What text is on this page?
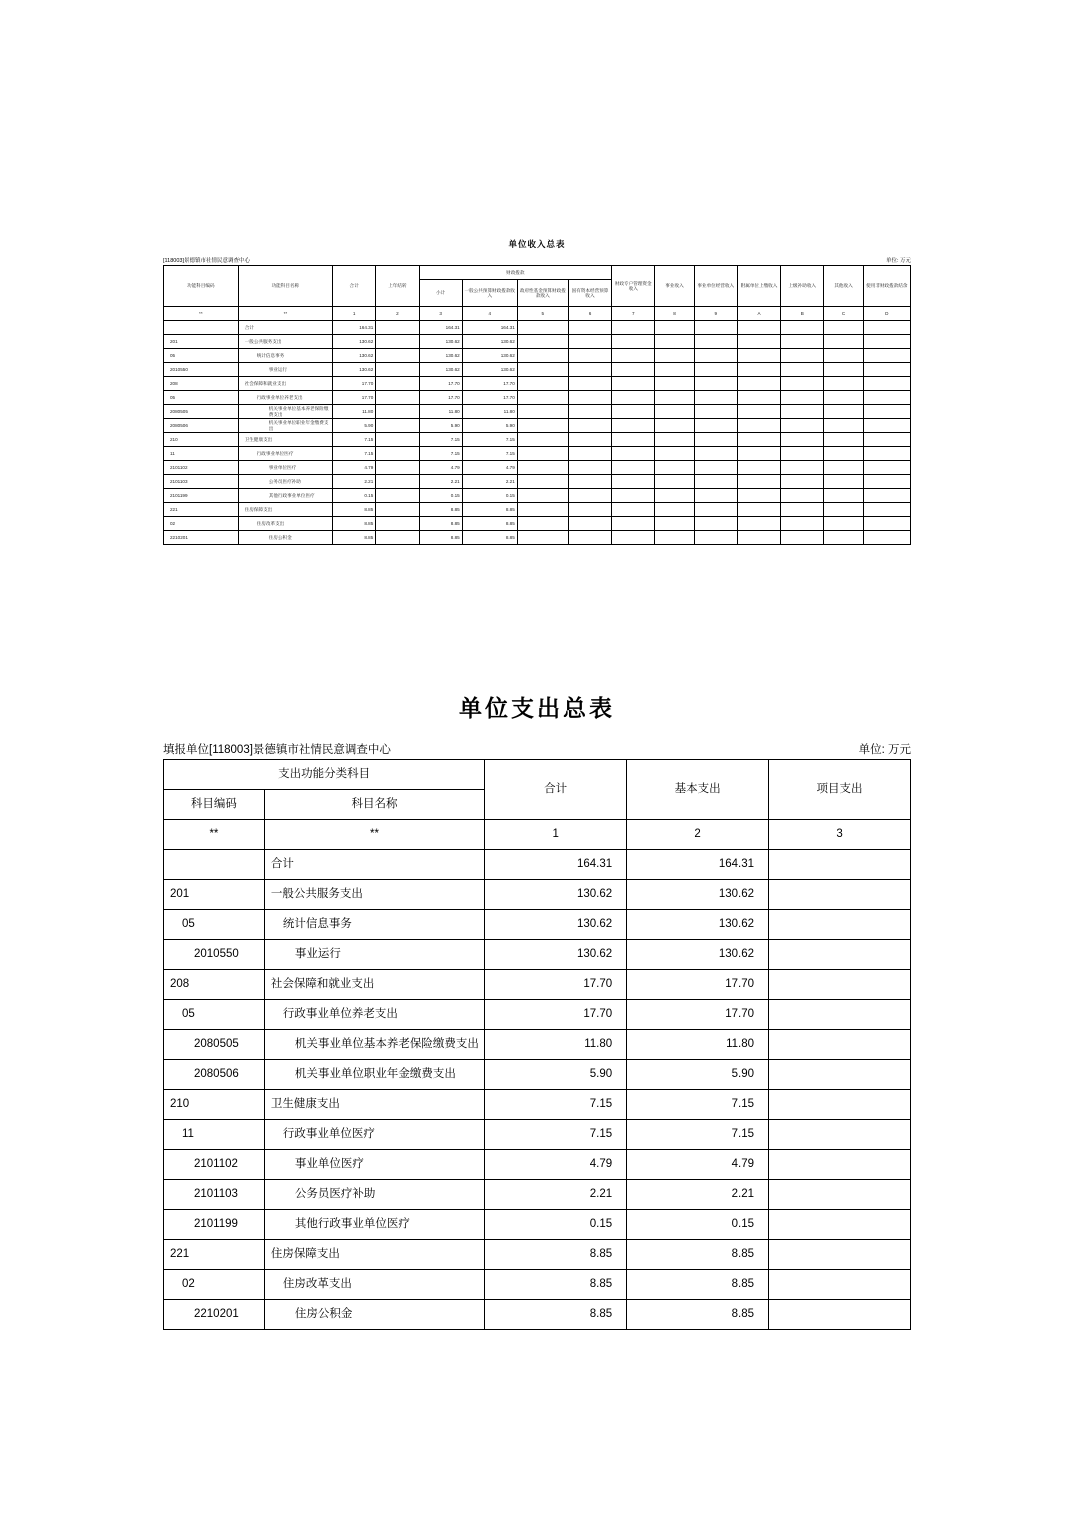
单位收入总表
[118003]景德镇市社情民意调查中心	单位: 万元
功能科目编码	功能科目名称	合计	上年结转	财政拨款				财政专户管理资金收入	事业收入	事业单位经营收入	附属单位上缴收入	上级补助收入	其他收入	使用非财政拨款结余
				小计	一般公共预算财政拨款收入	政府性基金预算财政拨款收入	国有资本经营预算收入							

**	**	1	2	3	4	5	6	7	8	9	A	B	C	D
	合计	164.31		164.31	164.31									
201	一般公共服务支出	130.62		130.62	130.62									
05	统计信息事务	130.62		130.62	130.62									
2010550	事业运行	130.62		130.62	130.62									
208	社会保障和就业支出	17.70		17.70	17.70									
05	行政事业单位养老支出	17.70		17.70	17.70									
2080505	机关事业单位基本养老保险缴费支出	11.80		11.80	11.80									
2080506	机关事业单位职业年金缴费支出	5.90		5.90	5.90									
210	卫生健康支出	7.15		7.15	7.15									
11	行政事业单位医疗	7.15		7.15	7.15									
2101102	事业单位医疗	4.79		4.79	4.79									
2101103	公务员医疗补助	2.21		2.21	2.21									
2101199	其他行政事业单位医疗	0.15		0.15	0.15									
221	住房保障支出	8.85		8.85	8.85									
02	住房改革支出	8.85		8.85	8.85									
2210201	住房公积金	8.85		8.85	8.85									
单位支出总表
填报单位[118003]景德镇市社情民意调查中心	单位: 万元
支出功能分类科目		合计	基本支出	项目支出
科目编码	科目名称			
**	**	1	2	3
	合计	164.31	164.31	
201	一般公共服务支出	130.62	130.62	
05	统计信息事务	130.62	130.62	
2010550	事业运行	130.62	130.62	
208	社会保障和就业支出	17.70	17.70	
05	行政事业单位养老支出	17.70	17.70	
2080505	机关事业单位基本养老保险缴费支出	11.80	11.80	
2080506	机关事业单位职业年金缴费支出	5.90	5.90	
210	卫生健康支出	7.15	7.15	
11	行政事业单位医疗	7.15	7.15	
2101102	事业单位医疗	4.79	4.79	
2101103	公务员医疗补助	2.21	2.21	
2101199	其他行政事业单位医疗	0.15	0.15	
221	住房保障支出	8.85	8.85	
02	住房改革支出	8.85	8.85	
2210201	住房公积金	8.85	8.85	
